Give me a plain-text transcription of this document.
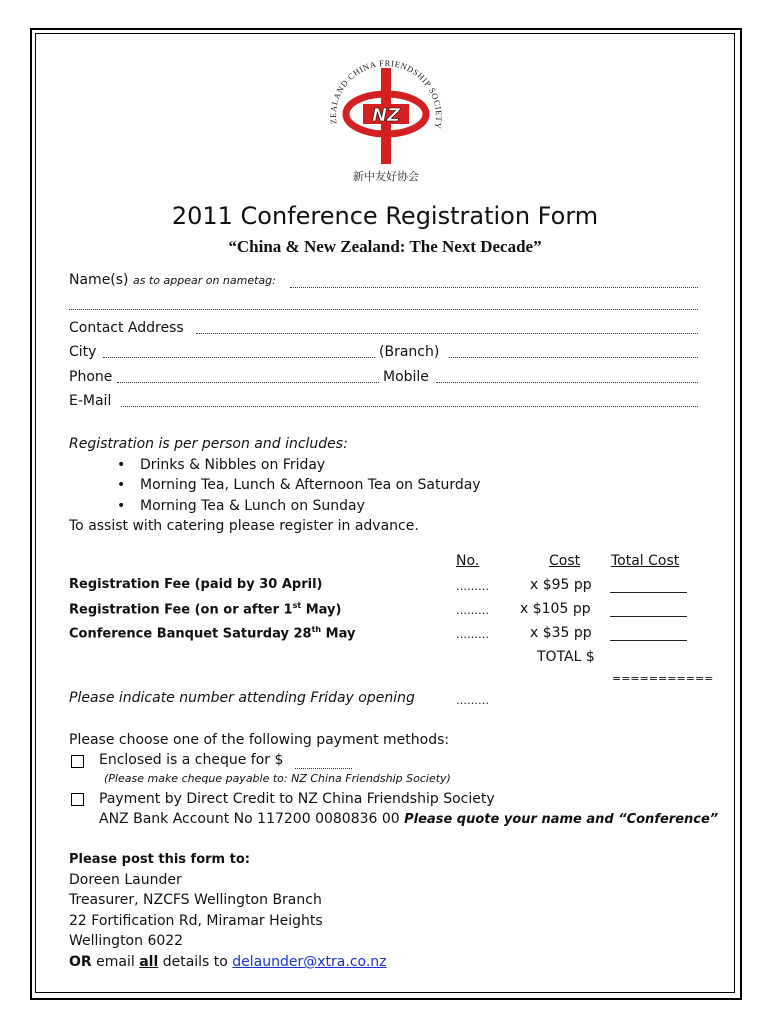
ZEALAND CHINA FRIENDSHIP SOCIETY
NZ
新中友好协会
2011 Conference Registration Form
“China & New Zealand: The Next Decade”
Name(s) as to appear on nametag:
Contact Address
City	(Branch)
Phone	Mobile
E-Mail
Registration is per person and includes:
• Drinks & Nibbles on Friday
• Morning Tea, Lunch & Afternoon Tea on Saturday
• Morning Tea & Lunch on Sunday
To assist with catering please register in advance.
No.	Cost Total Cost
Registration Fee (paid by 30 April)	………	x $95 pp
Registration Fee (on or after 1st May)	……… x $105 pp
Conference Banquet Saturday 28th May	………	x $35 pp
TOTAL $
===========
Please indicate number attending Friday opening	………
Please choose one of the following payment methods:
Enclosed is a cheque for $
(Please make cheque payable to: NZ China Friendship Society)
Payment by Direct Credit to NZ China Friendship Society
ANZ Bank Account No 117200 0080836 00 Please quote your name and “Conference”
Please post this form to:
Doreen Launder
Treasurer, NZCFS Wellington Branch
22 Fortification Rd, Miramar Heights
Wellington 6022
OR email all details to delaunder@xtra.co.nz
